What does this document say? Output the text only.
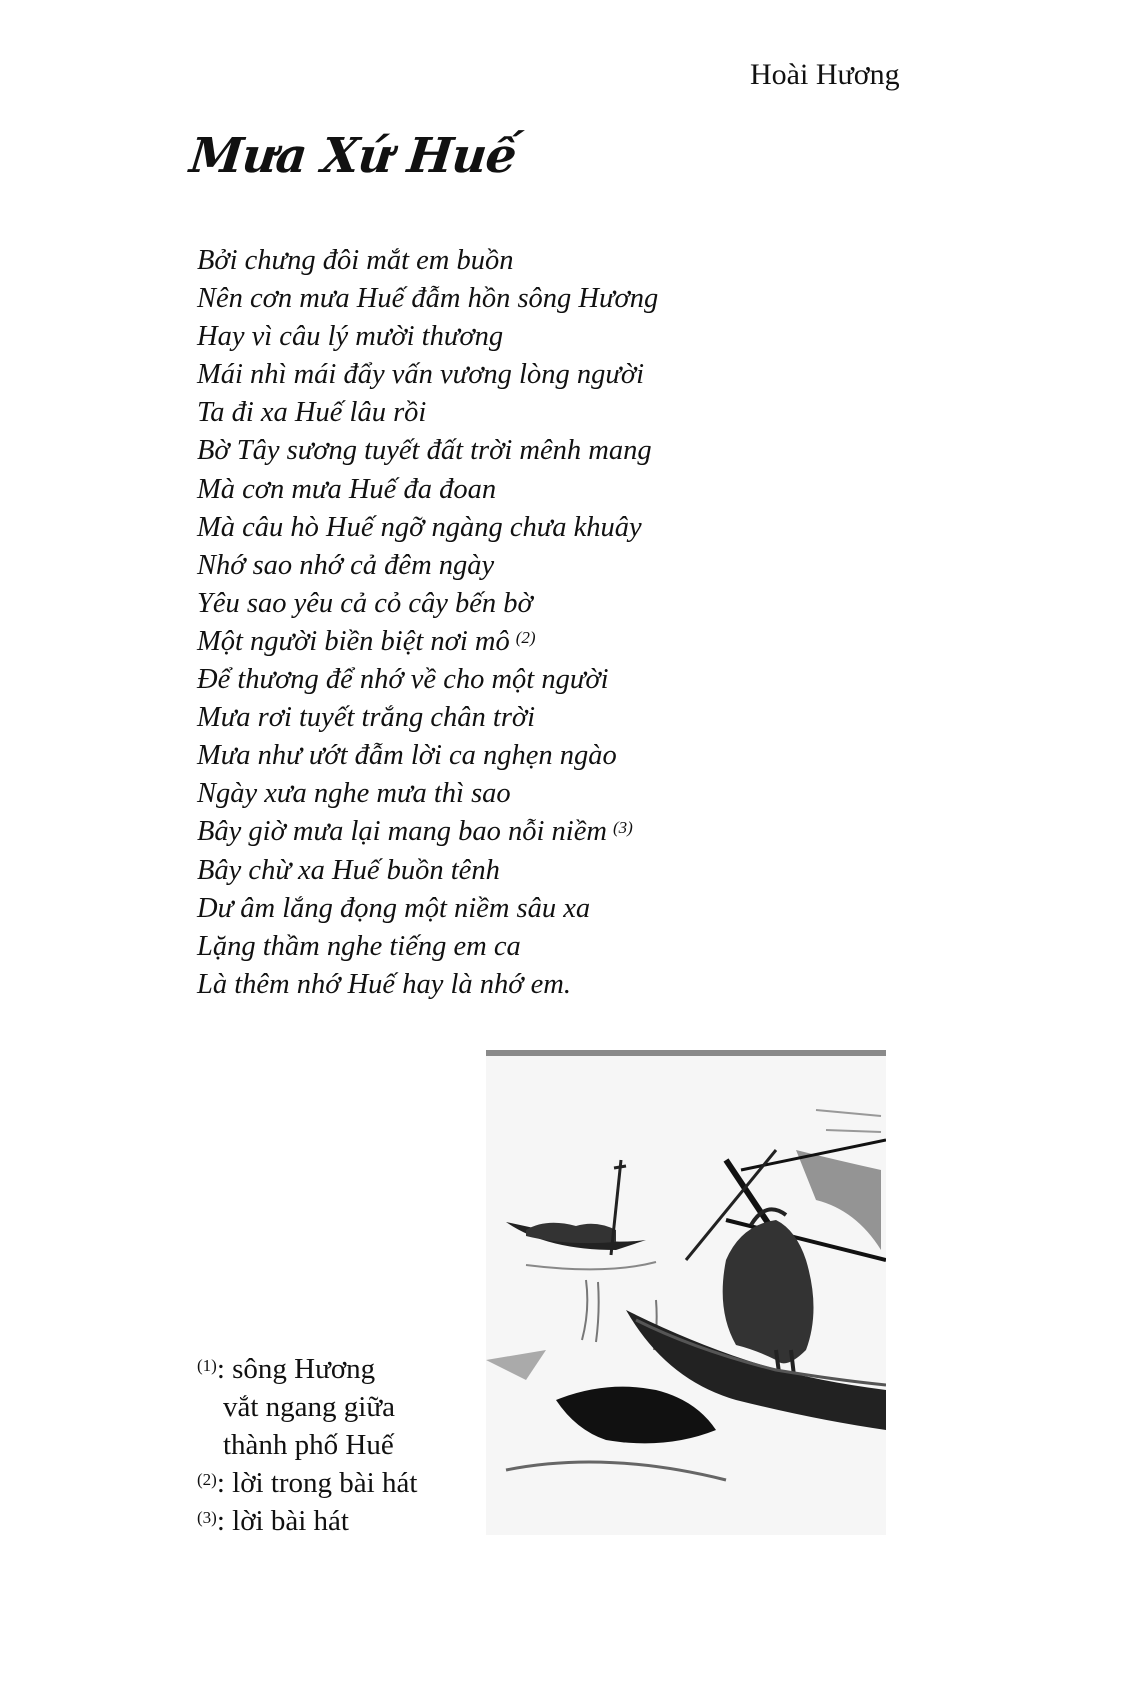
Hoài Hương
Mưa Xứ Huế
Bởi chưng đôi mắt em buồn
Nên cơn mưa Huế đẫm hồn sông Hương
Hay vì câu lý mười thương
Mái nhì mái đẩy vấn vương lòng người
Ta đi xa Huế lâu rồi
Bờ Tây sương tuyết đất trời mênh mang
Mà cơn mưa Huế đa đoan
Mà câu hò Huế ngỡ ngàng chưa khuây
Nhớ sao nhớ cả đêm ngày
Yêu sao yêu cả cỏ cây bến bờ
Một người biền biệt nơi mô $^{(2)}$
Để thương để nhớ về cho một người
Mưa rơi tuyết trắng chân trời
Mưa như ướt đẫm lời ca nghẹn ngào
Ngày xưa nghe mưa thì sao
Bây giờ mưa lại mang bao nỗi niềm $^{(3)}$
Bây chừ xa Huế buồn tênh
Dư âm lắng đọng một niềm sâu xa
Lặng thầm nghe tiếng em ca
Là thêm nhớ Huế hay là nhớ em.
$^{(1)}$: sông Hương
vắt ngang giữa
thành phố Huế
$^{(2)}$: lời trong bài hát
$^{(3)}$: lời bài hát
